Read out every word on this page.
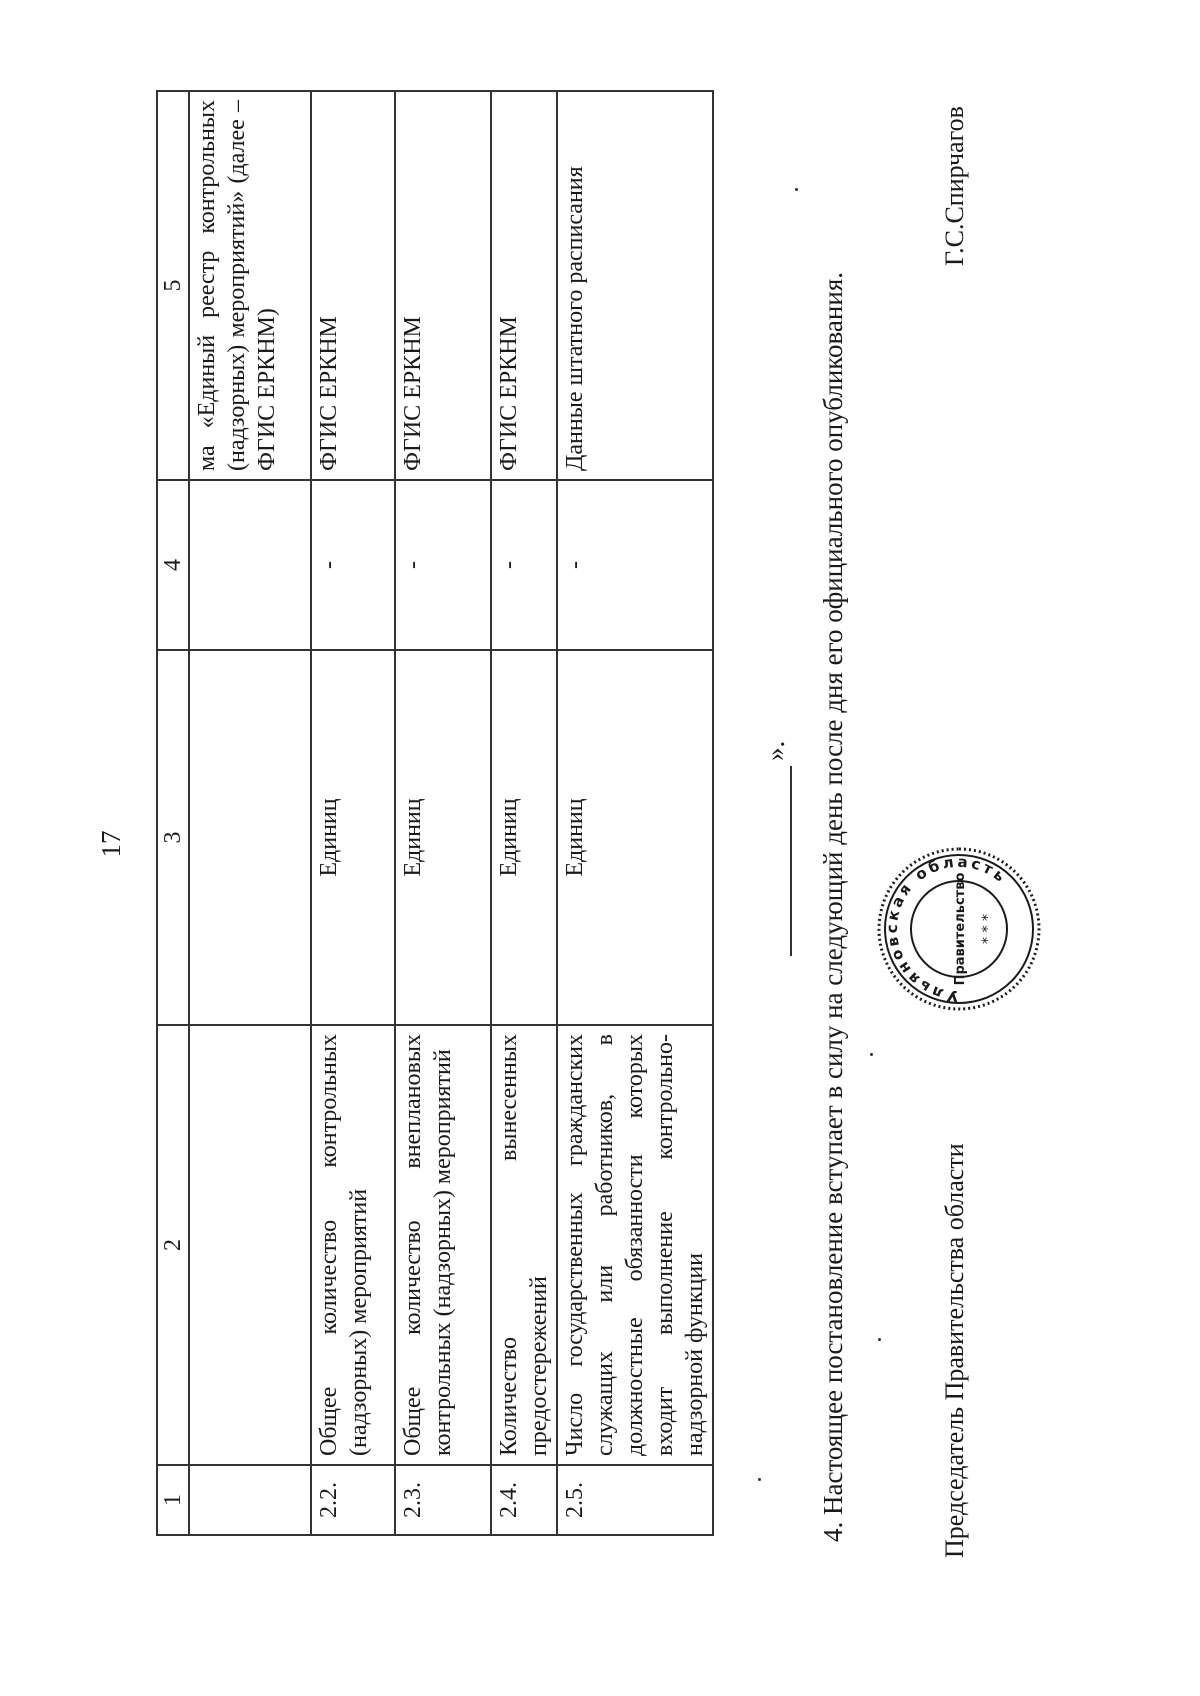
17
1	2	3	4	5
				ма «Единый реестр контрольных (надзорных) мероприятий» (далее – ФГИС ЕРКНМ)
2.2.	Общее количество контрольных (надзорных) мероприятий	Единиц	-	ФГИС ЕРКНМ
2.3.	Общее количество внеплановых контрольных (надзорных) мероприятий	Единиц	-	ФГИС ЕРКНМ
2.4.	Количество вынесенных предостережений	Единиц	-	ФГИС ЕРКНМ
2.5.	Число государственных гражданских служащих или работников, в должностные обязанности которых входит выполнение контрольно-надзорной функции	Единиц	-	Данные штатного расписания
». 4. Настоящее постановление вступает в силу на следующий день после дня его официального опубликования.	Председатель Правительства области
Ульяновская область
Правительство * * *
Г.С.Спирчагов
